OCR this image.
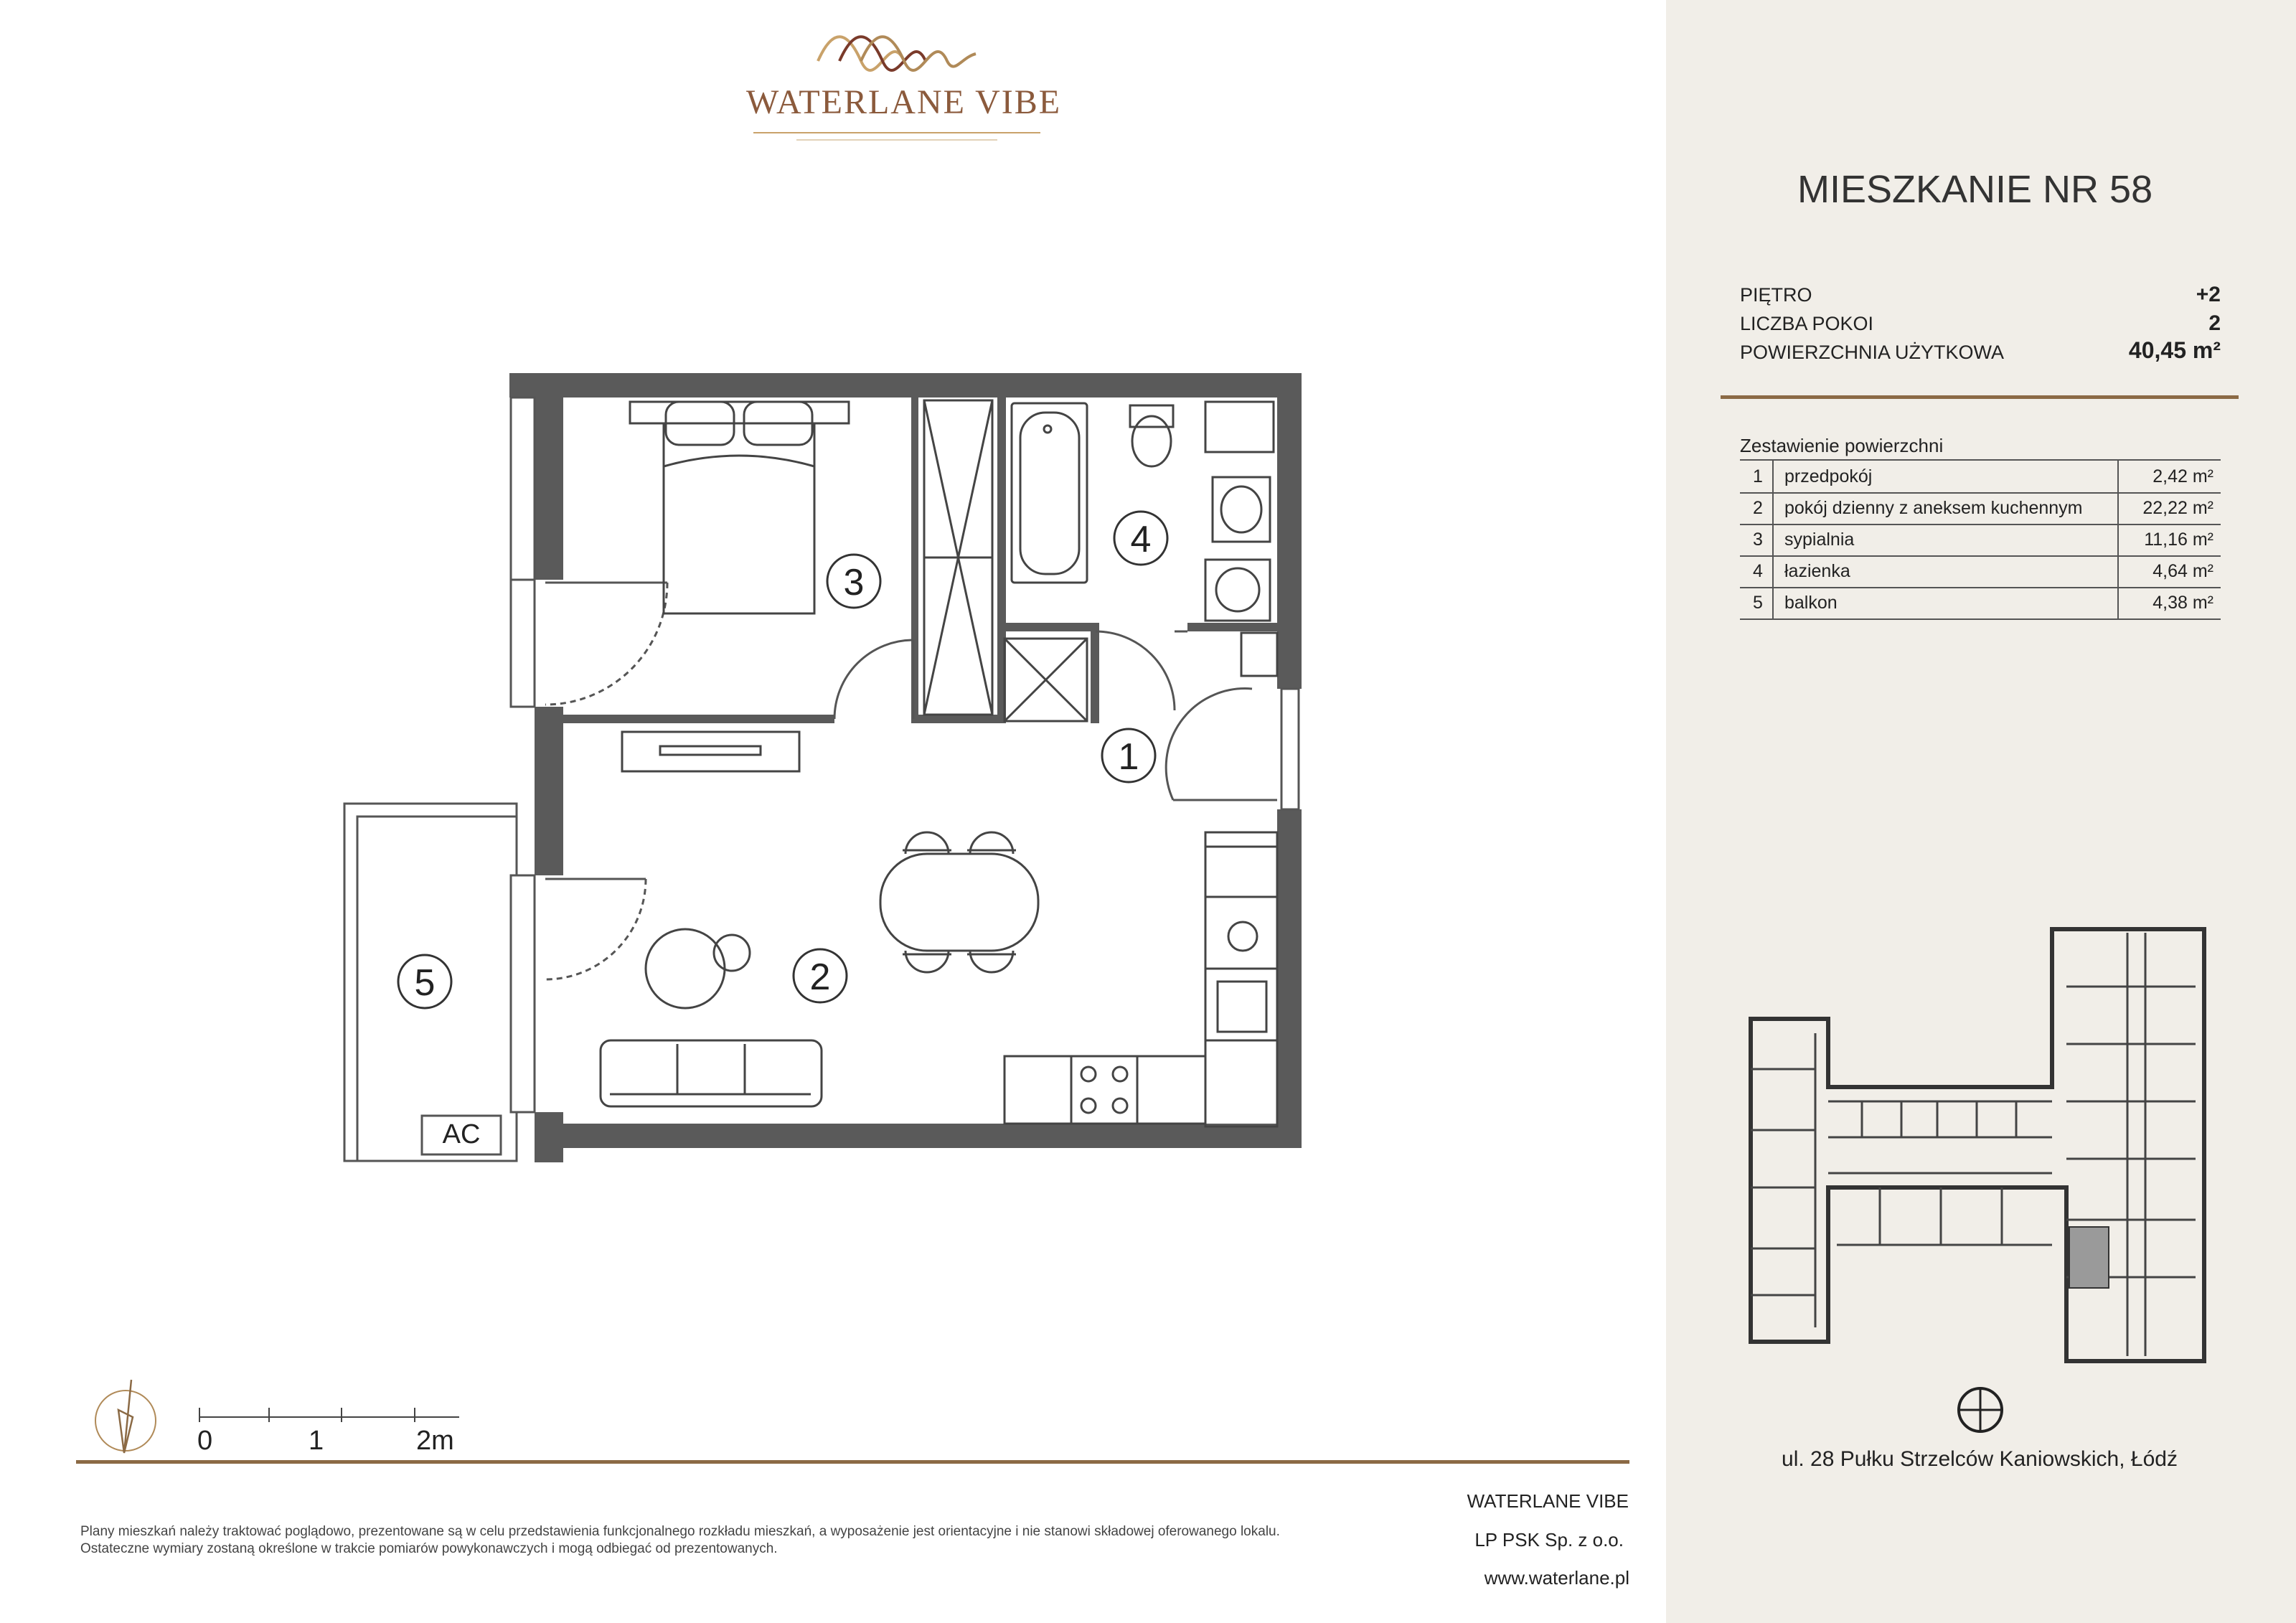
WATERLANE VIBE
1
2
3
4
5
AC
0	1	2m
Plany mieszkań należy traktować poglądowo, prezentowane są w celu przedstawienia funkcjonalnego rozkładu mieszkań, a wyposażenie jest orientacyjne i nie stanowi składowej oferowanego lokalu.
Ostateczne wymiary zostaną określone w trakcie pomiarów powykonawczych i mogą odbiegać od prezentowanych.
WATERLANE VIBE
LP PSK Sp. z o.o.
www.waterlane.pl
MIESZKANIE NR 58
PIĘTRO	+2
LICZBA POKOI	2
POWIERZCHNIA UŻYTKOWA	40,45 m²
Zestawienie powierzchni
1 przedpokój	2,42 m²
2 pokój dzienny z aneksem kuchennym	22,22 m²
3 sypialnia	11,16 m²
4 łazienka	4,64 m²
5 balkon	4,38 m²
ul. 28 Pułku Strzelców Kaniowskich, Łódź
